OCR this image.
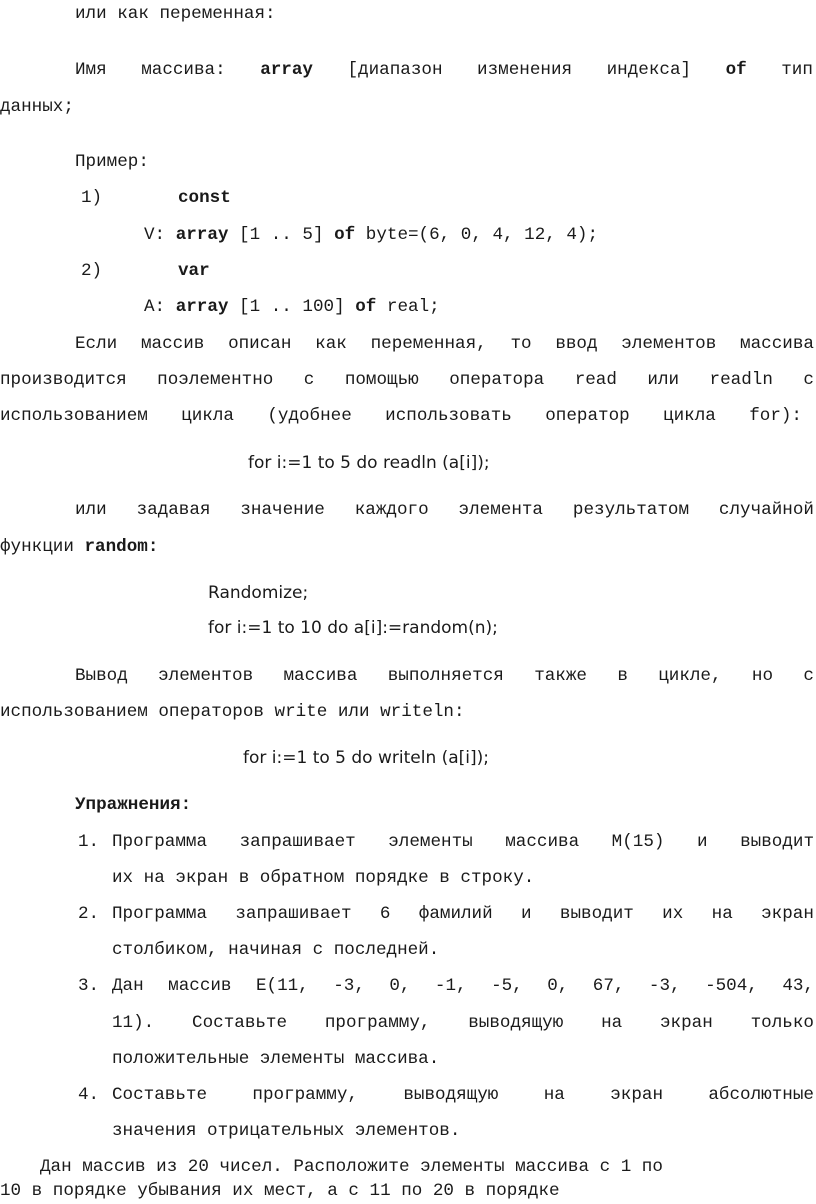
или как переменная:
Имя массива: array [диапазон изменения индекса] of тип
данных;
Пример:
1)	const
V: array [1 .. 5] of byte=(6, 0, 4, 12, 4);
2)	var
A: array [1 .. 100] of real;
Если массив описан как переменная, то ввод элементов массива
производится поэлементно с помощью оператора read или readln с
использованием цикла (удобнее использовать оператор цикла for):
for i:=1 to 5 do readln (a[i]);
или задавая значение каждого элемента результатом случайной
функции random:
Randomize;
for i:=1 to 10 do a[i]:=random(n);
Вывод элементов массива выполняется также в цикле, но с
использованием операторов write или writeln:
for i:=1 to 5 do writeln (a[i]);
Упражнения:
1. Программа запрашивает элементы массива М(15) и выводит
их на экран в обратном порядке в строку.
2. Программа запрашивает 6 фамилий и выводит их на экран
столбиком, начиная с последней.
3. Дан массив Е(11, -3, 0, -1, -5, 0, 67, -3, -504, 43,
11). Составьте программу, выводящую на экран только
положительные элементы массива.
4. Составьте	программу,	выводящую	на	экран	абсолютные
значения отрицательных элементов.
Дан массив из 20 чисел. Расположите элементы массива с 1 по
10 в порядке убывания их мест, а с 11 по 20 в порядке
